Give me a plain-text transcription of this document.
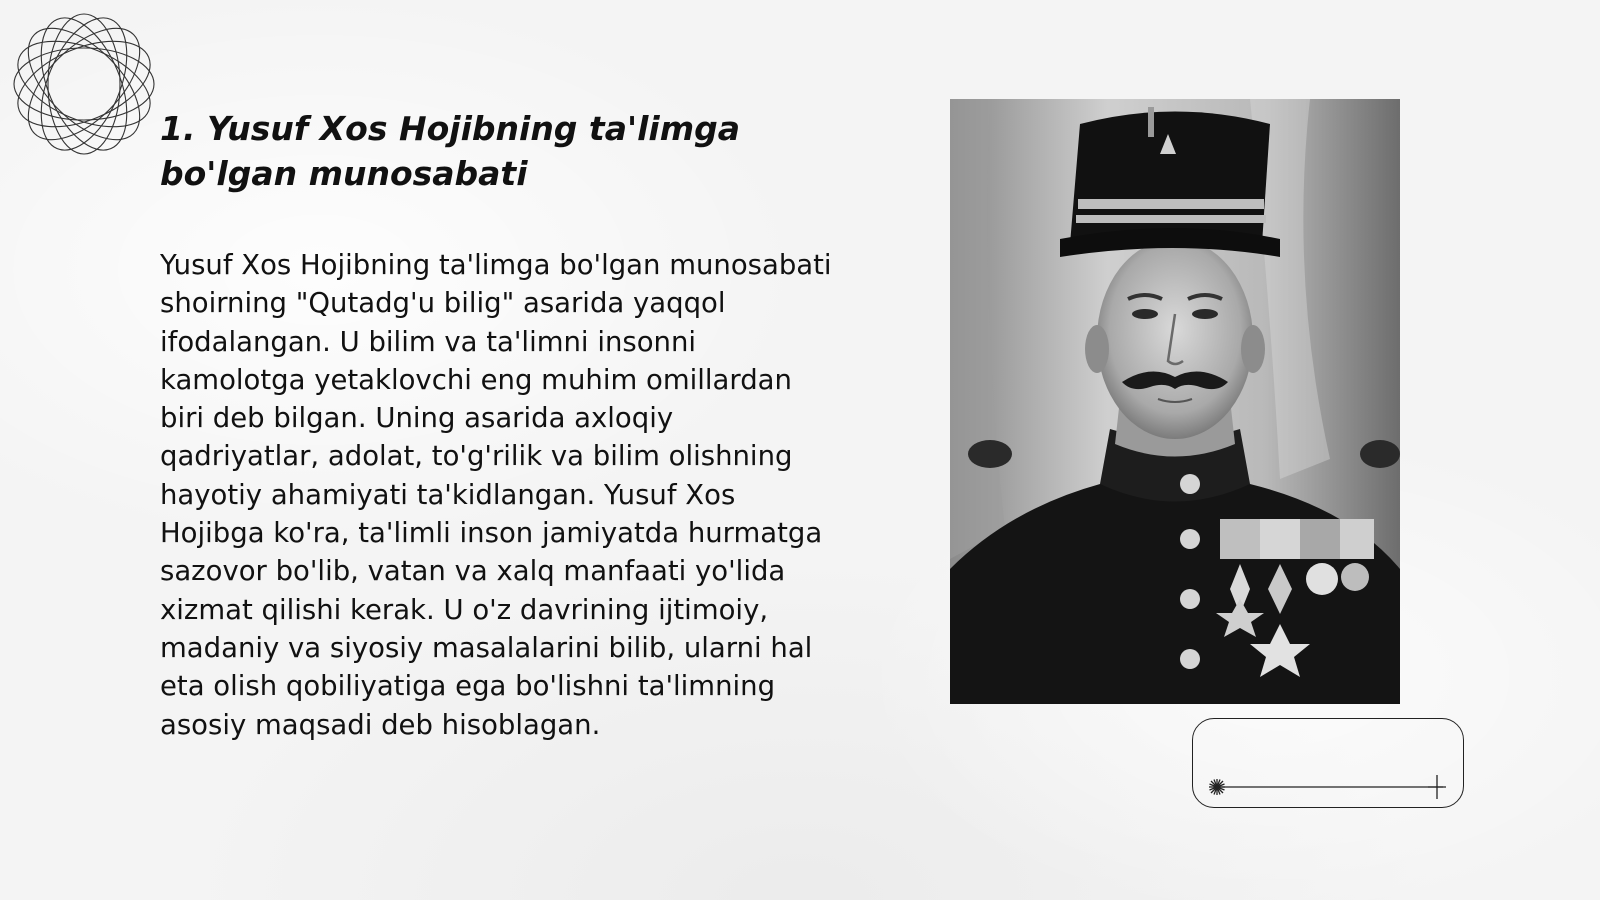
1. Yusuf Xos Hojibning ta'limga bo'lgan munosabati

Yusuf Xos Hojibning ta'limga bo'lgan munosabati shoirning "Qutadg'u bilig" asarida yaqqol ifodalangan. U bilim va ta'limni insonni kamolotga yetaklovchi eng muhim omillardan biri deb bilgan. Uning asarida axloqiy qadriyatlar, adolat, to'g'rilik va bilim olishning hayotiy ahamiyati ta'kidlangan. Yusuf Xos Hojibga ko'ra, ta'limli inson jamiyatda hurmatga sazovor bo'lib, vatan va xalq manfaati yo'lida xizmat qilishi kerak. U o'z davrining ijtimoiy, madaniy va siyosiy masalalarini bilib, ularni hal eta olish qobiliyatiga ega bo'lishni ta'limning asosiy maqsadi deb hisoblagan.
